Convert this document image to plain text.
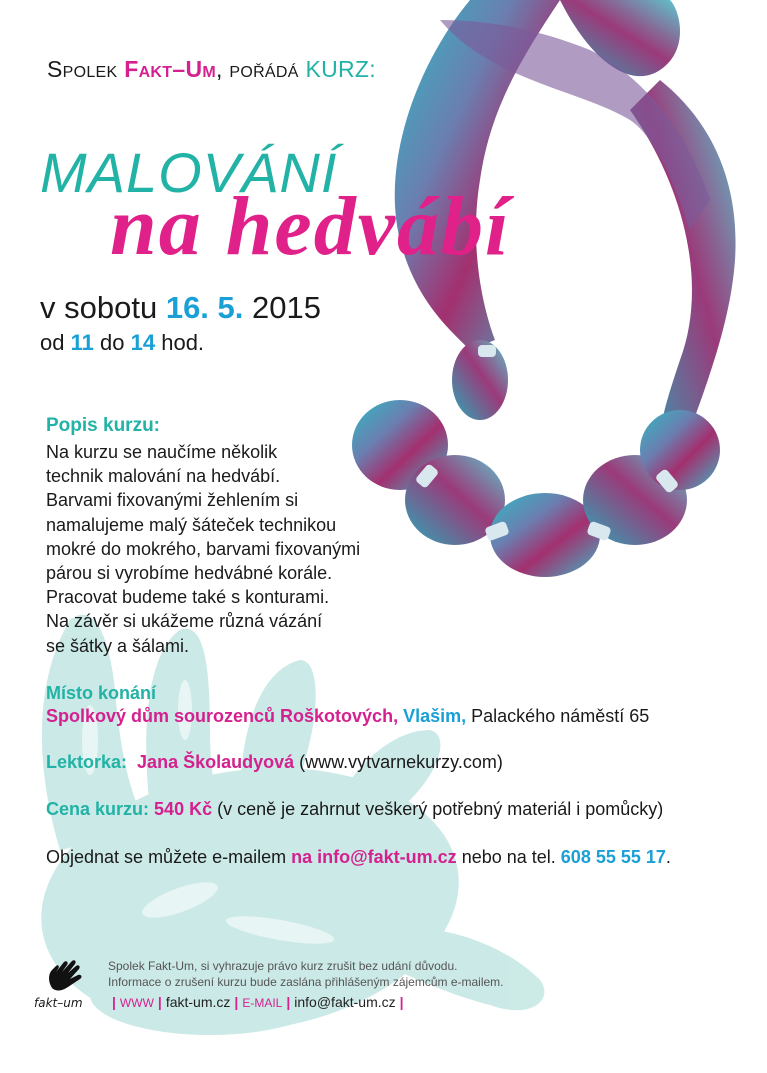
Spolek Fakt–Um, pořádá KURZ:
MALOVÁNÍ
na hedvábí
v sobotu 16. 5. 2015
od 11 do 14 hod.
Popis kurzu:
Na kurzu se naučíme několik
technik malování na hedvábí.
Barvami fixovanými žehlením si
namalujeme malý šáteček technikou
mokré do mokrého, barvami fixovanými
párou si vyrobíme hedvábné korále.
Pracovat budeme také s konturami.
Na závěr si ukážeme různá vázání
se šátky a šálami.
Místo konání
Spolkový dům sourozenců Roškotových, Vlašim, Palackého náměstí 65
Lektorka: Jana Školaudyová (www.vytvarnekurzy.com)
Cena kurzu: 540 Kč (v ceně je zahrnut veškerý potřebný materiál i pomůcky)
Objednat se můžete e-mailem na info@fakt-um.cz nebo na tel. 608 55 55 17.
fakt–um
Spolek Fakt-Um, si vyhrazuje právo kurz zrušit bez udání důvodu.
Informace o zrušení kurzu bude zaslána přihlášeným zájemcům e-mailem.
| WWW | fakt-um.cz | E-MAIL | info@fakt-um.cz |
